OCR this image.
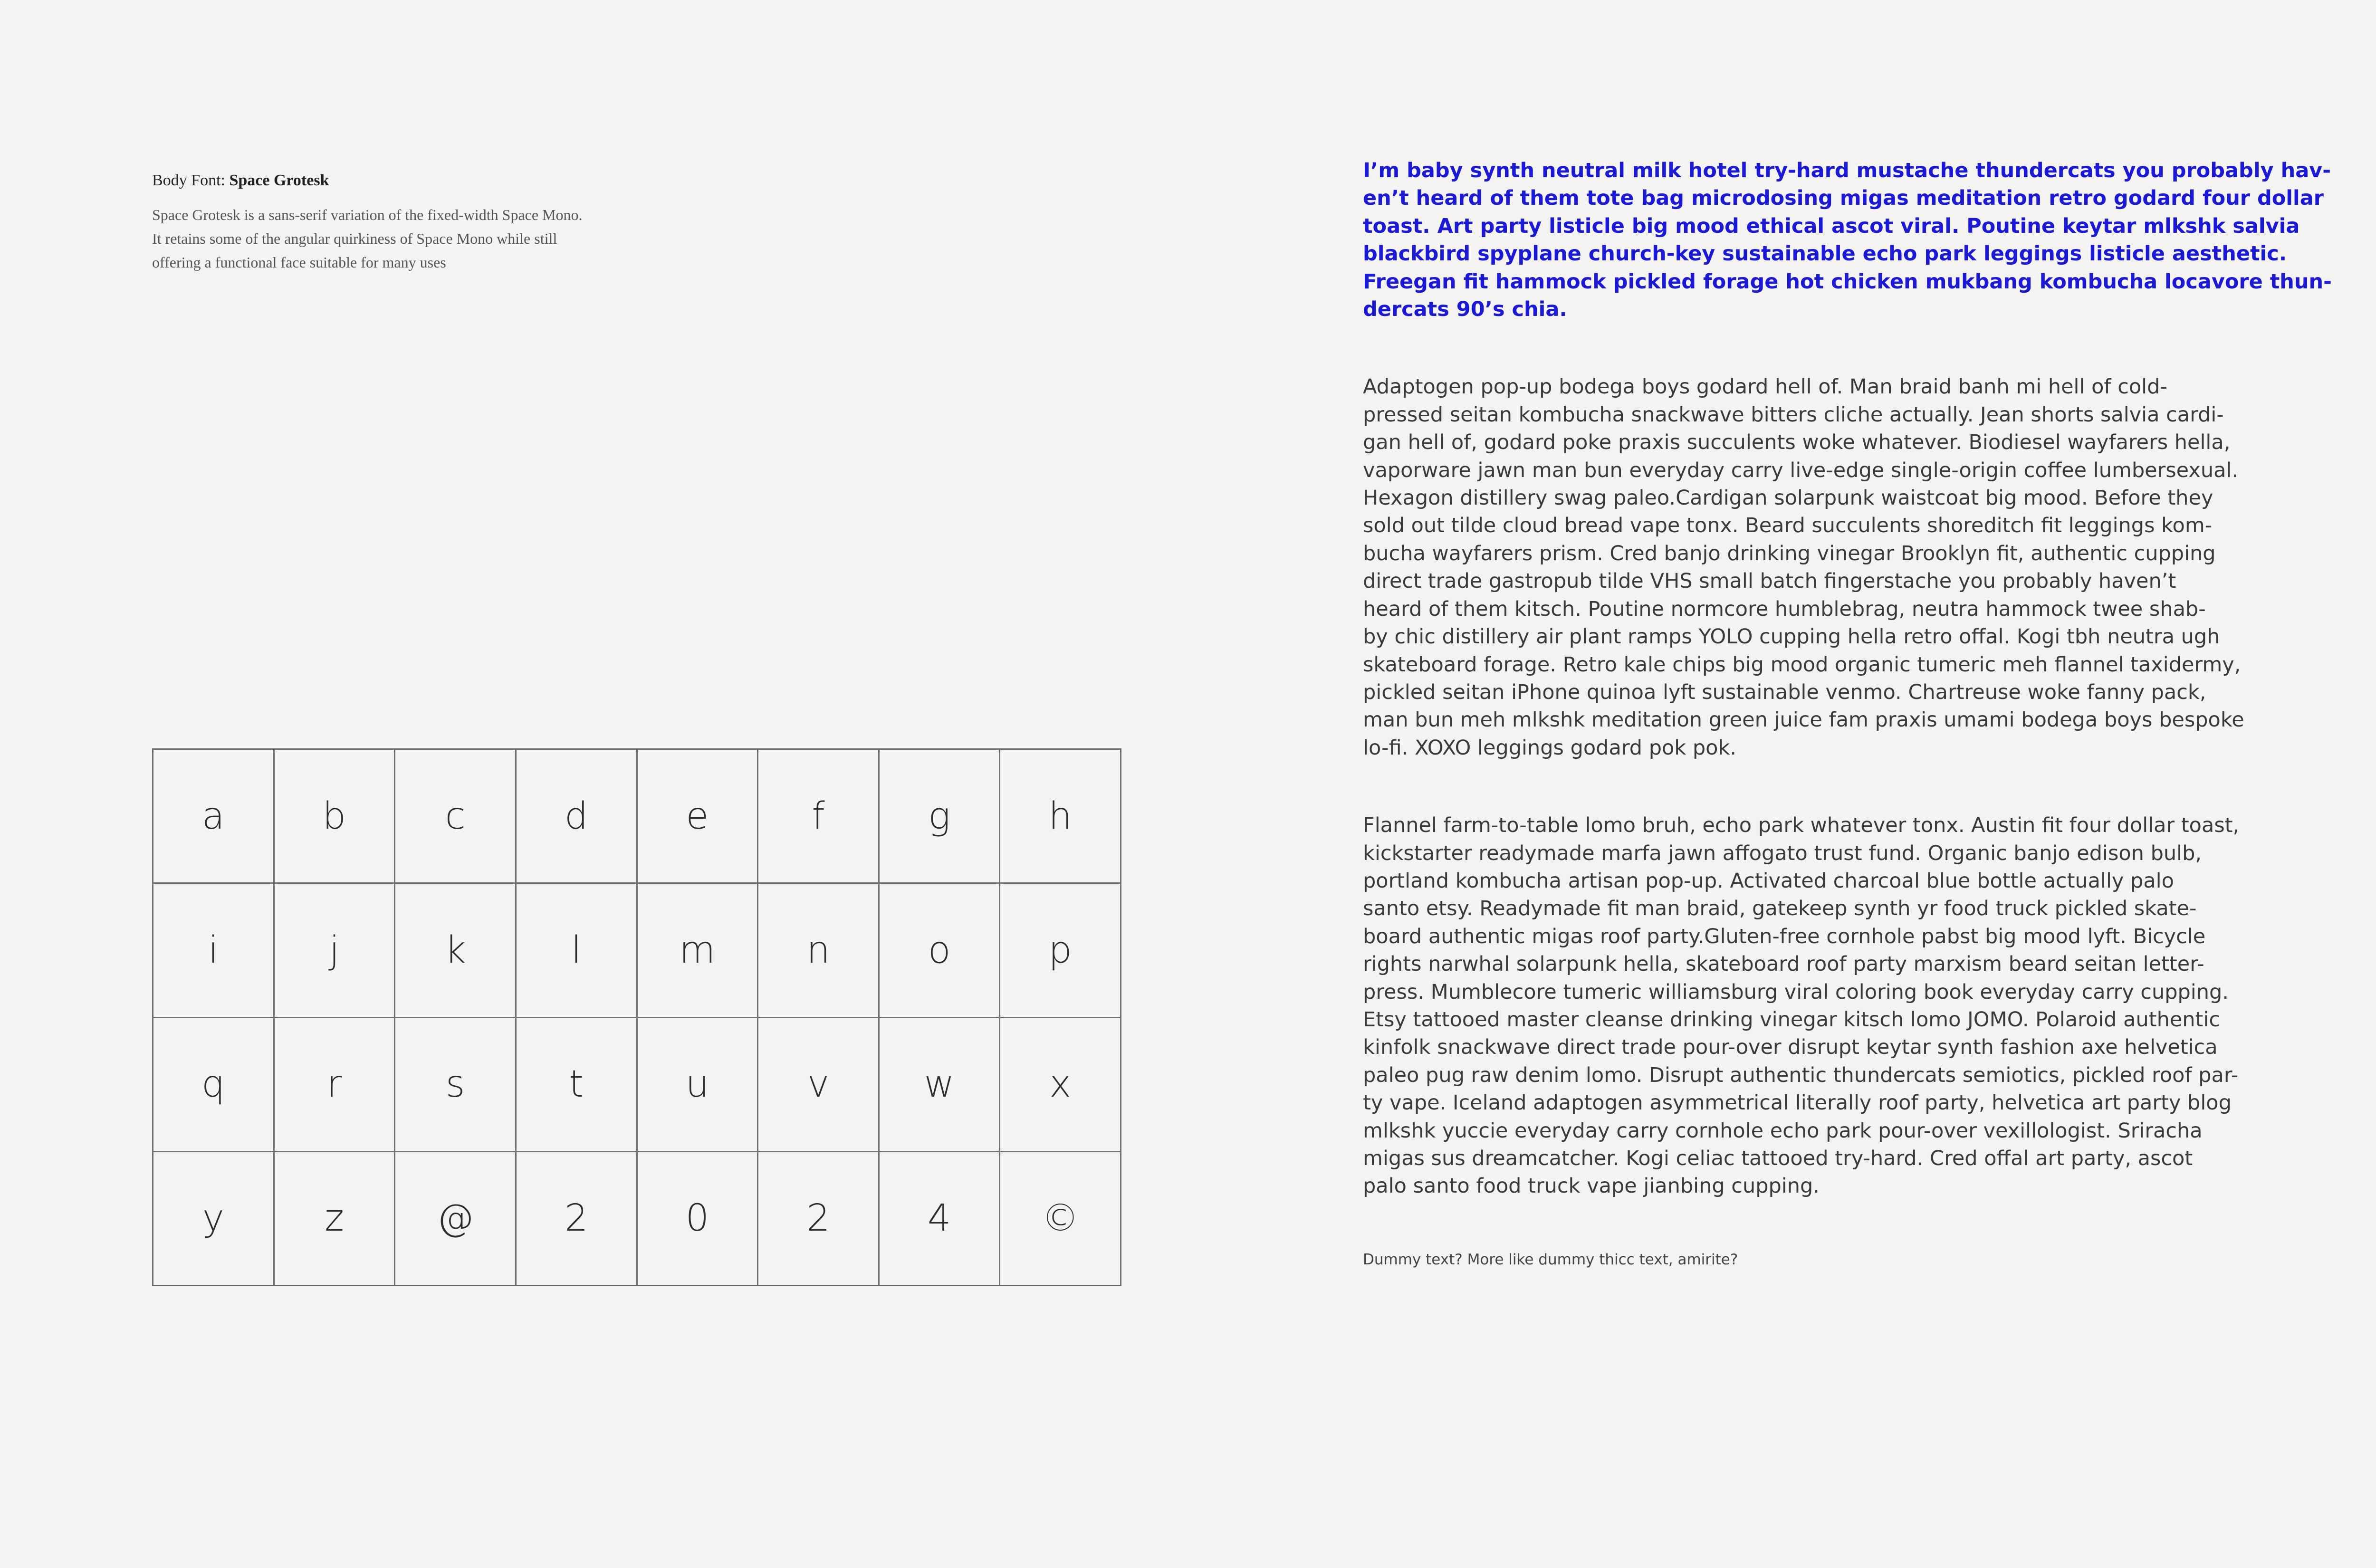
Body Font: Space Grotesk

Space Grotesk is a sans-serif variation of the fixed-width Space Mono.
It retains some of the angular quirkiness of Space Mono while still
offering a functional face suitable for many uses

a	b	c	d	e	f	g	h
i	j	k	l	m	n	o	p
q	r	s	t	u	v	w	x
y	z	@	2	0	2	4	©

I’m baby synth neutral milk hotel try-hard mustache thundercats you probably hav-
en’t heard of them tote bag microdosing migas meditation retro godard four dollar
toast. Art party listicle big mood ethical ascot viral. Poutine keytar mlkshk salvia
blackbird spyplane church-key sustainable echo park leggings listicle aesthetic.
Freegan fit hammock pickled forage hot chicken mukbang kombucha locavore thun-
dercats 90’s chia.

Adaptogen pop-up bodega boys godard hell of. Man braid banh mi hell of cold-
pressed seitan kombucha snackwave bitters cliche actually. Jean shorts salvia cardi-
gan hell of, godard poke praxis succulents woke whatever. Biodiesel wayfarers hella,
vaporware jawn man bun everyday carry live-edge single-origin coffee lumbersexual.
Hexagon distillery swag paleo.Cardigan solarpunk waistcoat big mood. Before they
sold out tilde cloud bread vape tonx. Beard succulents shoreditch fit leggings kom-
bucha wayfarers prism. Cred banjo drinking vinegar Brooklyn fit, authentic cupping
direct trade gastropub tilde VHS small batch fingerstache you probably haven’t
heard of them kitsch. Poutine normcore humblebrag, neutra hammock twee shab-
by chic distillery air plant ramps YOLO cupping hella retro offal. Kogi tbh neutra ugh
skateboard forage. Retro kale chips big mood organic tumeric meh flannel taxidermy,
pickled seitan iPhone quinoa lyft sustainable venmo. Chartreuse woke fanny pack,
man bun meh mlkshk meditation green juice fam praxis umami bodega boys bespoke
lo-fi. XOXO leggings godard pok pok.

Flannel farm-to-table lomo bruh, echo park whatever tonx. Austin fit four dollar toast,
kickstarter readymade marfa jawn affogato trust fund. Organic banjo edison bulb,
portland kombucha artisan pop-up. Activated charcoal blue bottle actually palo
santo etsy. Readymade fit man braid, gatekeep synth yr food truck pickled skate-
board authentic migas roof party.Gluten-free cornhole pabst big mood lyft. Bicycle
rights narwhal solarpunk hella, skateboard roof party marxism beard seitan letter-
press. Mumblecore tumeric williamsburg viral coloring book everyday carry cupping.
Etsy tattooed master cleanse drinking vinegar kitsch lomo JOMO. Polaroid authentic
kinfolk snackwave direct trade pour-over disrupt keytar synth fashion axe helvetica
paleo pug raw denim lomo. Disrupt authentic thundercats semiotics, pickled roof par-
ty vape. Iceland adaptogen asymmetrical literally roof party, helvetica art party blog
mlkshk yuccie everyday carry cornhole echo park pour-over vexillologist. Sriracha
migas sus dreamcatcher. Kogi celiac tattooed try-hard. Cred offal art party, ascot
palo santo food truck vape jianbing cupping.

Dummy text? More like dummy thicc text, amirite?
